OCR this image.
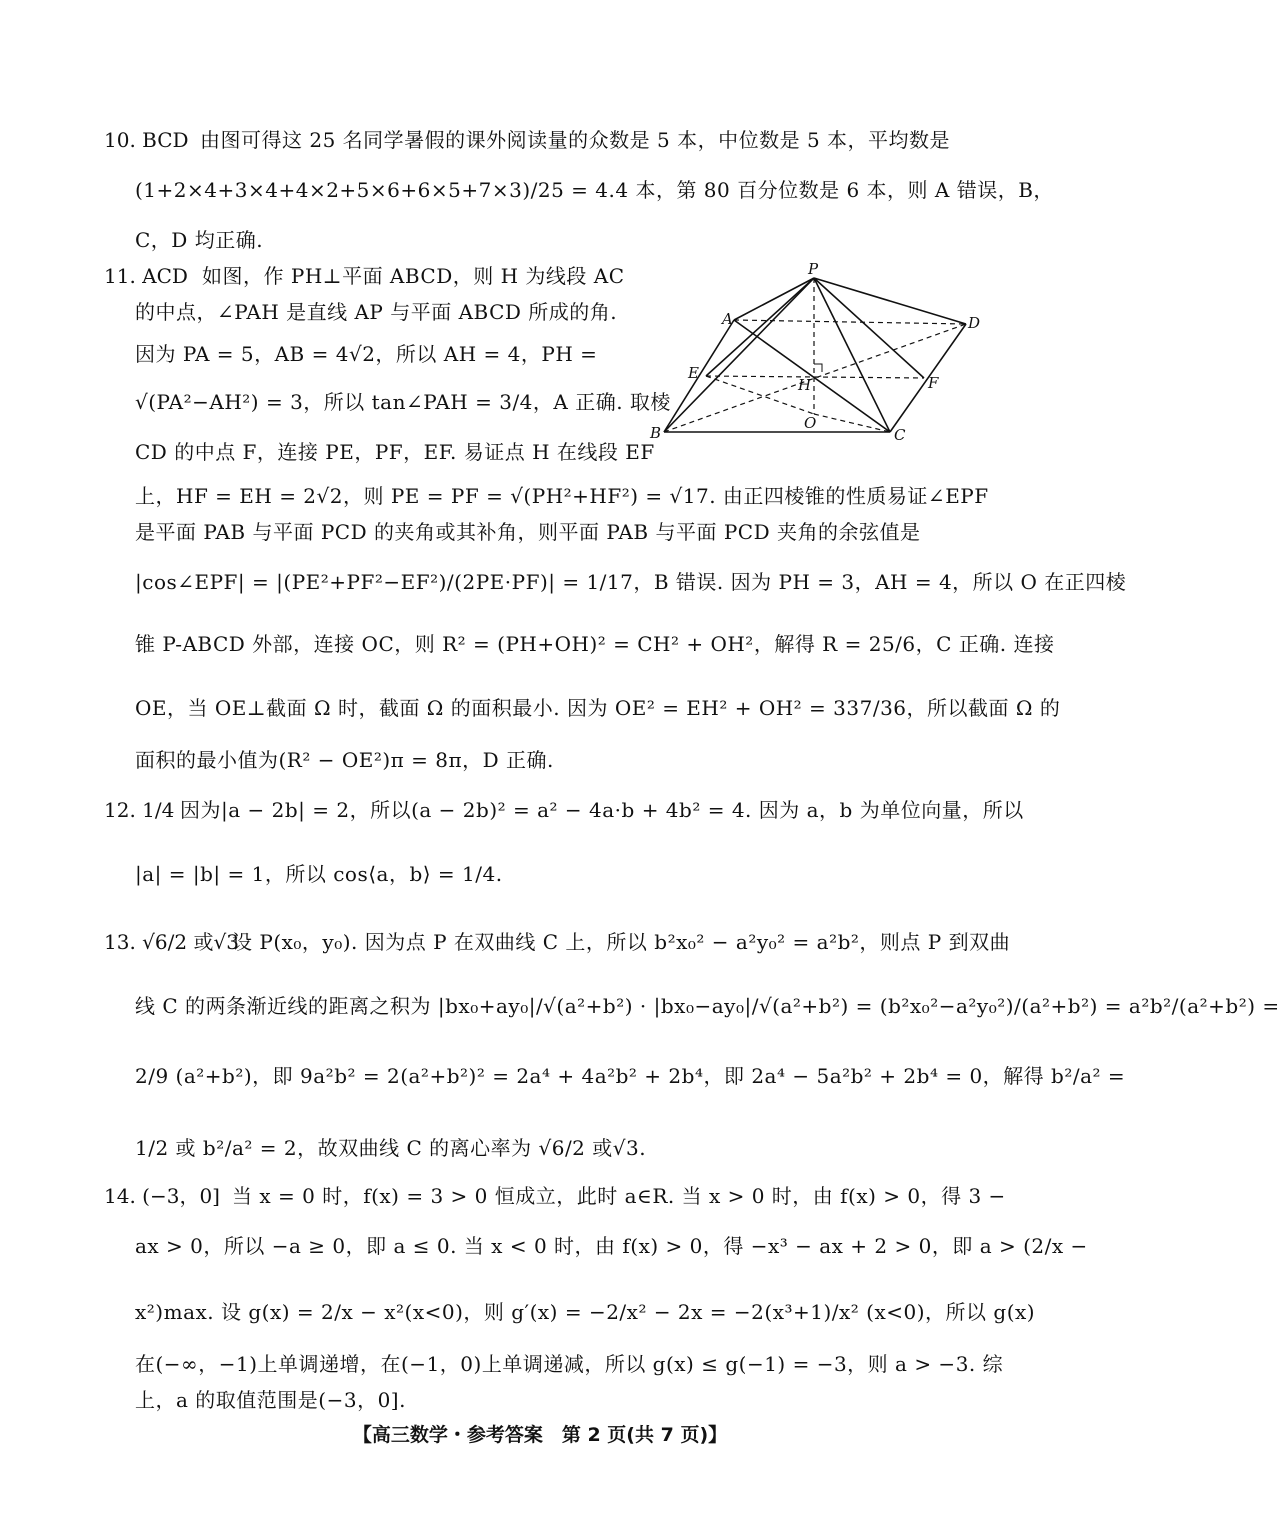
10. BCD 由图可得这 25 名同学暑假的课外阅读量的众数是 5 本，中位数是 5 本，平均数是
(1+2×4+3×4+4×2+5×6+6×5+7×3)/25 = 4.4 本，第 80 百分位数是 6 本，则 A 错误，B，
C，D 均正确.
11. ACD 如图，作 PH⊥平面 ABCD，则 H 为线段 AC
的中点，∠PAH 是直线 AP 与平面 ABCD 所成的角.
因为 PA = 5，AB = 4√2，所以 AH = 4，PH =
√(PA²−AH²) = 3，所以 tan∠PAH = 3/4，A 正确. 取棱
CD 的中点 F，连接 PE，PF，EF. 易证点 H 在线段 EF
上，HF = EH = 2√2，则 PE = PF = √(PH²+HF²) = √17. 由正四棱锥的性质易证∠EPF
是平面 PAB 与平面 PCD 的夹角或其补角，则平面 PAB 与平面 PCD 夹角的余弦值是
|cos∠EPF| = |(PE²+PF²−EF²)/(2PE·PF)| = 1/17，B 错误. 因为 PH = 3，AH = 4，所以 O 在正四棱
锥 P-ABCD 外部，连接 OC，则 R² = (PH+OH)² = CH² + OH²，解得 R = 25/6，C 正确. 连接
OE，当 OE⊥截面 Ω 时，截面 Ω 的面积最小. 因为 OE² = EH² + OH² = 337/36，所以截面 Ω 的
面积的最小值为(R² − OE²)π = 8π，D 正确.
P
A	D
E
H	F
B
O
C
12. 1/4 因为|a − 2b| = 2，所以(a − 2b)² = a² − 4a·b + 4b² = 4. 因为 a，b 为单位向量，所以
|a| = |b| = 1，所以 cos⟨a，b⟩ = 1/4.
13. √6/2 或√3
设 P(x₀，y₀). 因为点 P 在双曲线 C 上，所以 b²x₀² − a²y₀² = a²b²，则点 P 到双曲
线 C 的两条渐近线的距离之积为 |bx₀+ay₀|/√(a²+b²) · |bx₀−ay₀|/√(a²+b²) = (b²x₀²−a²y₀²)/(a²+b²) = a²b²/(a²+b²) =
2/9 (a²+b²)，即 9a²b² = 2(a²+b²)² = 2a⁴ + 4a²b² + 2b⁴，即 2a⁴ − 5a²b² + 2b⁴ = 0，解得 b²/a² =
1/2 或 b²/a² = 2，故双曲线 C 的离心率为 √6/2 或√3.
14. (−3，0] 当 x = 0 时，f(x) = 3 > 0 恒成立，此时 a∈R. 当 x > 0 时，由 f(x) > 0，得 3 −
ax > 0，所以 −a ≥ 0，即 a ≤ 0. 当 x < 0 时，由 f(x) > 0，得 −x³ − ax + 2 > 0，即 a > (2/x −
x²)max. 设 g(x) = 2/x − x²(x<0)，则 g′(x) = −2/x² − 2x = −2(x³+1)/x² (x<0)，所以 g(x)
在(−∞，−1)上单调递增，在(−1，0)上单调递减，所以 g(x) ≤ g(−1) = −3，则 a > −3. 综
上，a 的取值范围是(−3，0].
【高三数学・参考答案　第 2 页(共 7 页)】
